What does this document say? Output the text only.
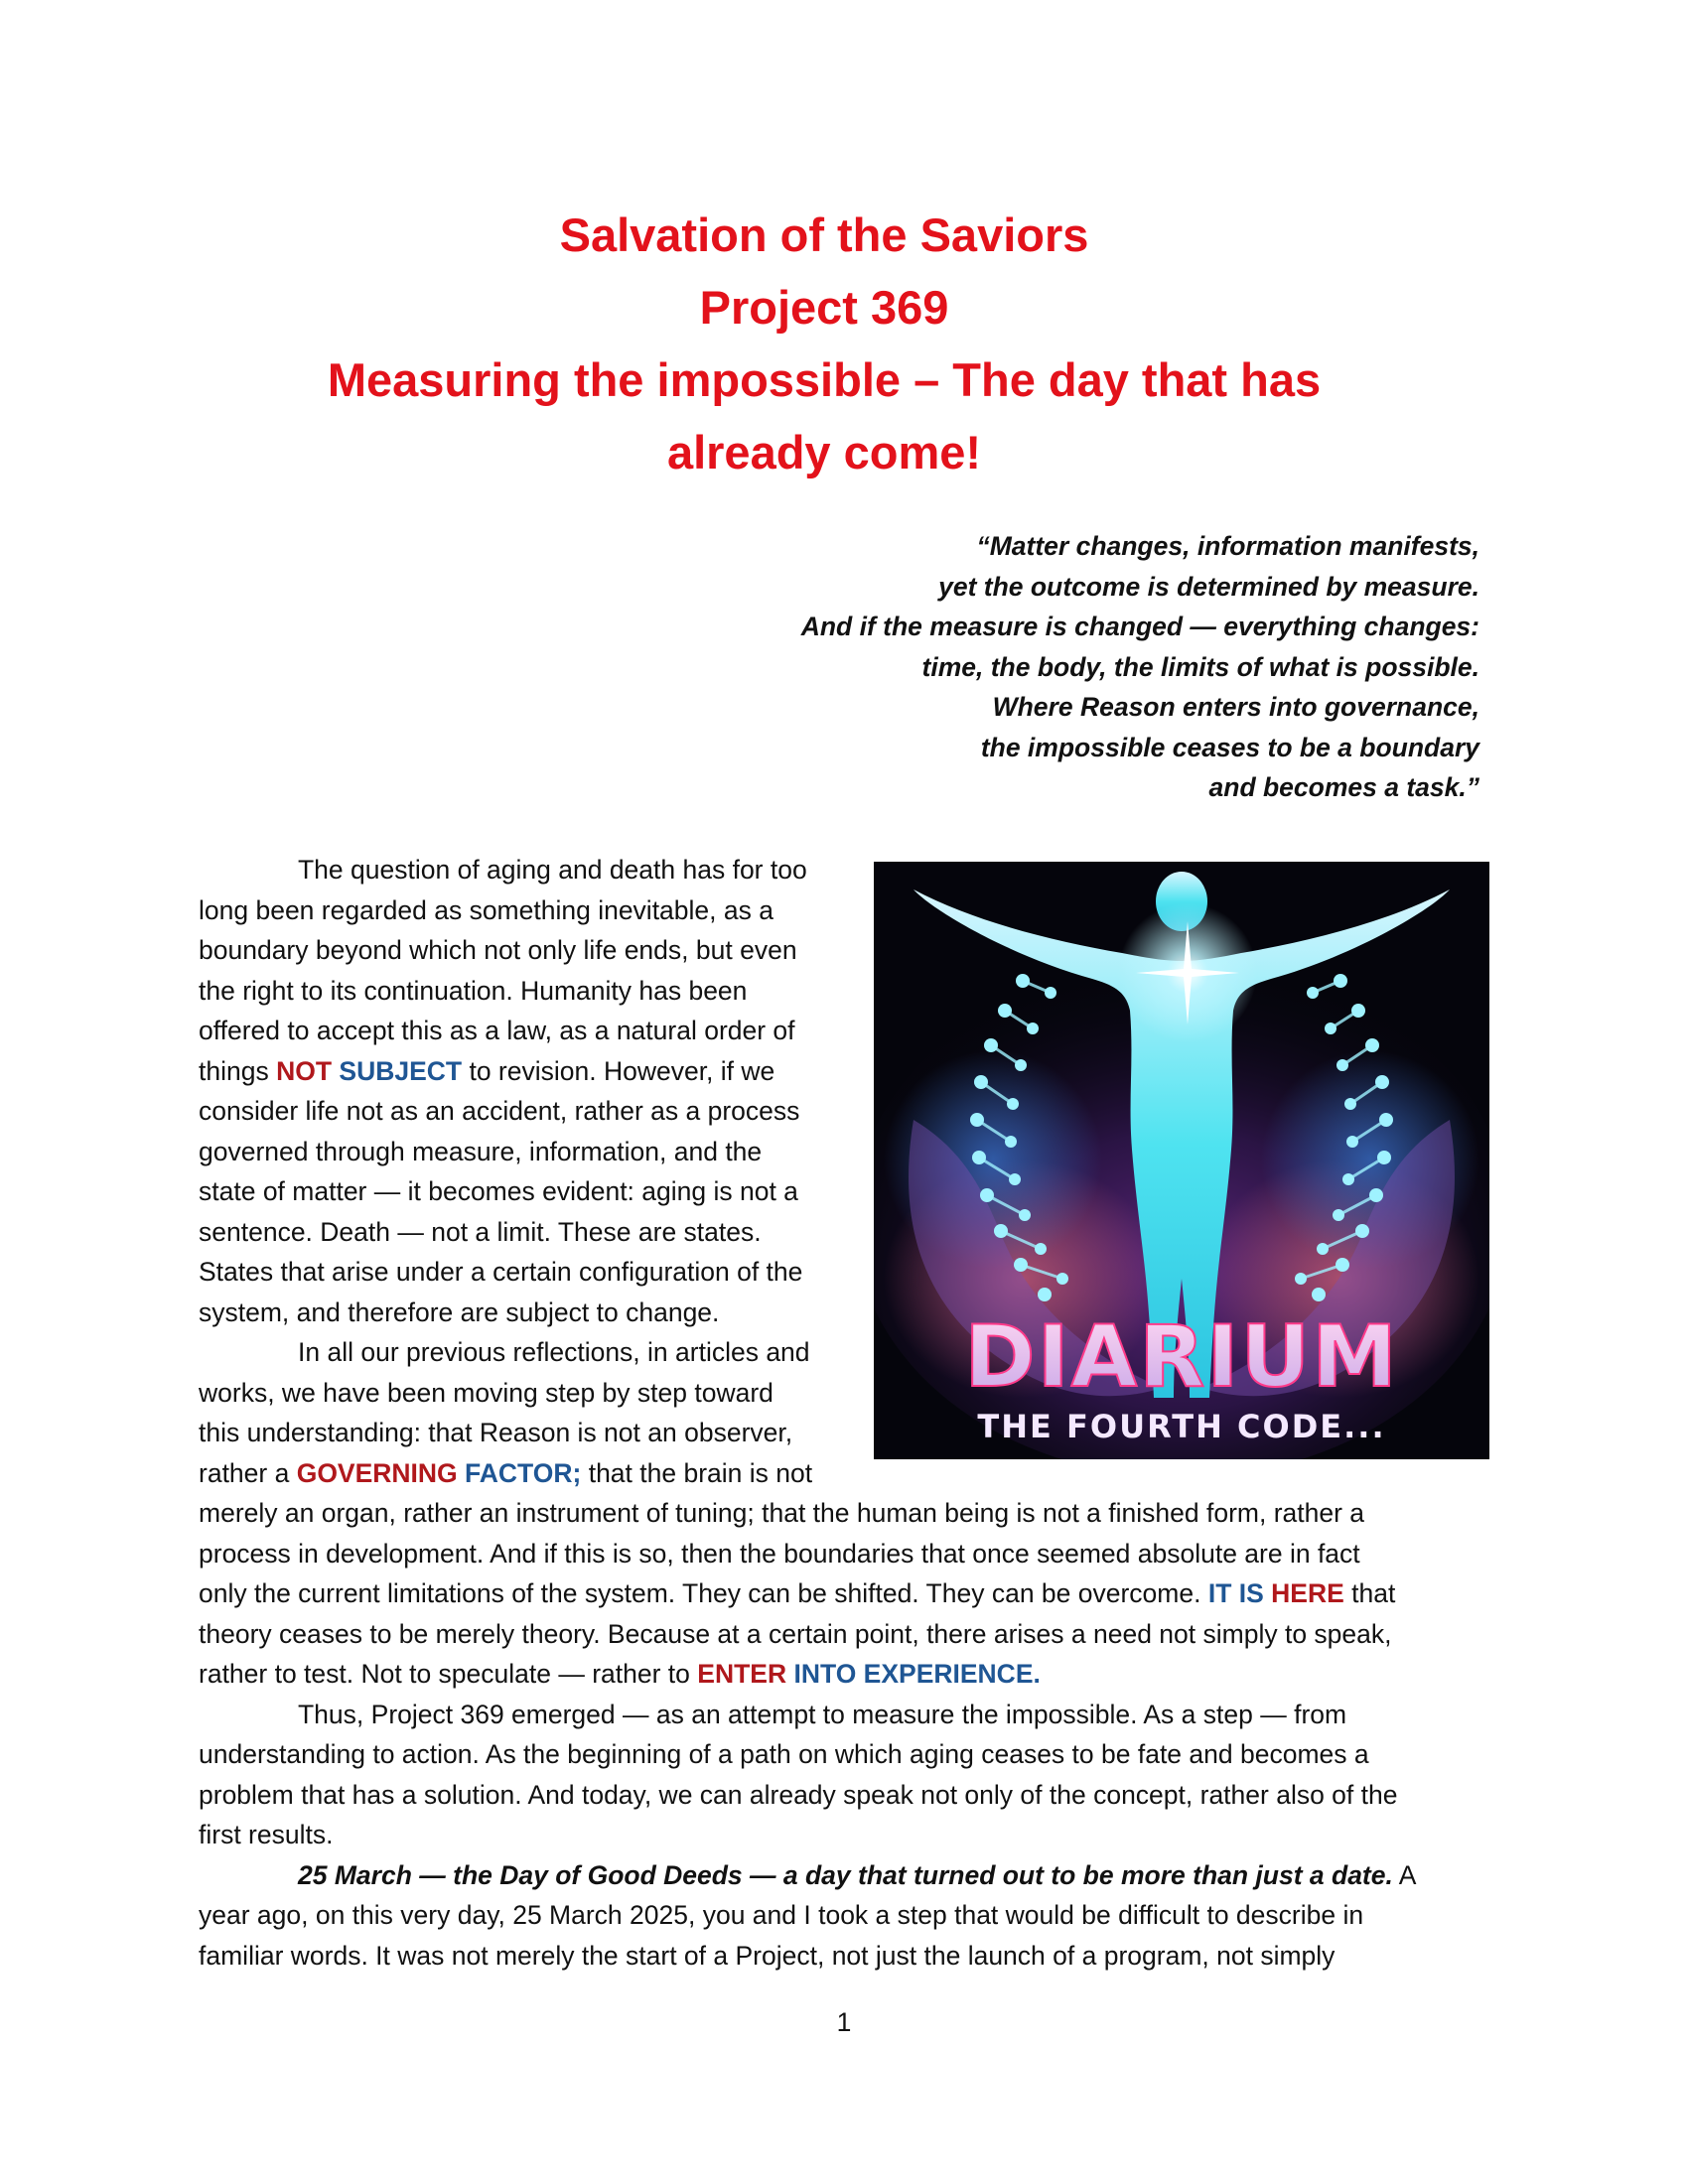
Salvation of the Saviors
Project 369
Measuring the impossible – The day that has
already come!
“Matter changes, information manifests,
yet the outcome is determined by measure.
And if the measure is changed — everything changes:
time, the body, the limits of what is possible.
Where Reason enters into governance,
the impossible ceases to be a boundary
and becomes a task.”
DIARIUM
THE FOURTH CODE...
The question of aging and death has for too
long been regarded as something inevitable, as a
boundary beyond which not only life ends, but even
the right to its continuation. Humanity has been
offered to accept this as a law, as a natural order of
things NOT SUBJECT to revision. However, if we
consider life not as an accident, rather as a process
governed through measure, information, and the
state of matter — it becomes evident: aging is not a
sentence. Death — not a limit. These are states.
States that arise under a certain configuration of the
system, and therefore are subject to change.
In all our previous reflections, in articles and
works, we have been moving step by step toward
this understanding: that Reason is not an observer,
rather a GOVERNING FACTOR; that the brain is not
merely an organ, rather an instrument of tuning; that the human being is not a finished form, rather a
process in development. And if this is so, then the boundaries that once seemed absolute are in fact
only the current limitations of the system. They can be shifted. They can be overcome. IT IS HERE that
theory ceases to be merely theory. Because at a certain point, there arises a need not simply to speak,
rather to test. Not to speculate — rather to ENTER INTO EXPERIENCE.
Thus, Project 369 emerged — as an attempt to measure the impossible. As a step — from
understanding to action. As the beginning of a path on which aging ceases to be fate and becomes a
problem that has a solution. And today, we can already speak not only of the concept, rather also of the
first results.
25 March — the Day of Good Deeds — a day that turned out to be more than just a date. A
year ago, on this very day, 25 March 2025, you and I took a step that would be difficult to describe in
familiar words. It was not merely the start of a Project, not just the launch of a program, not simply
1
